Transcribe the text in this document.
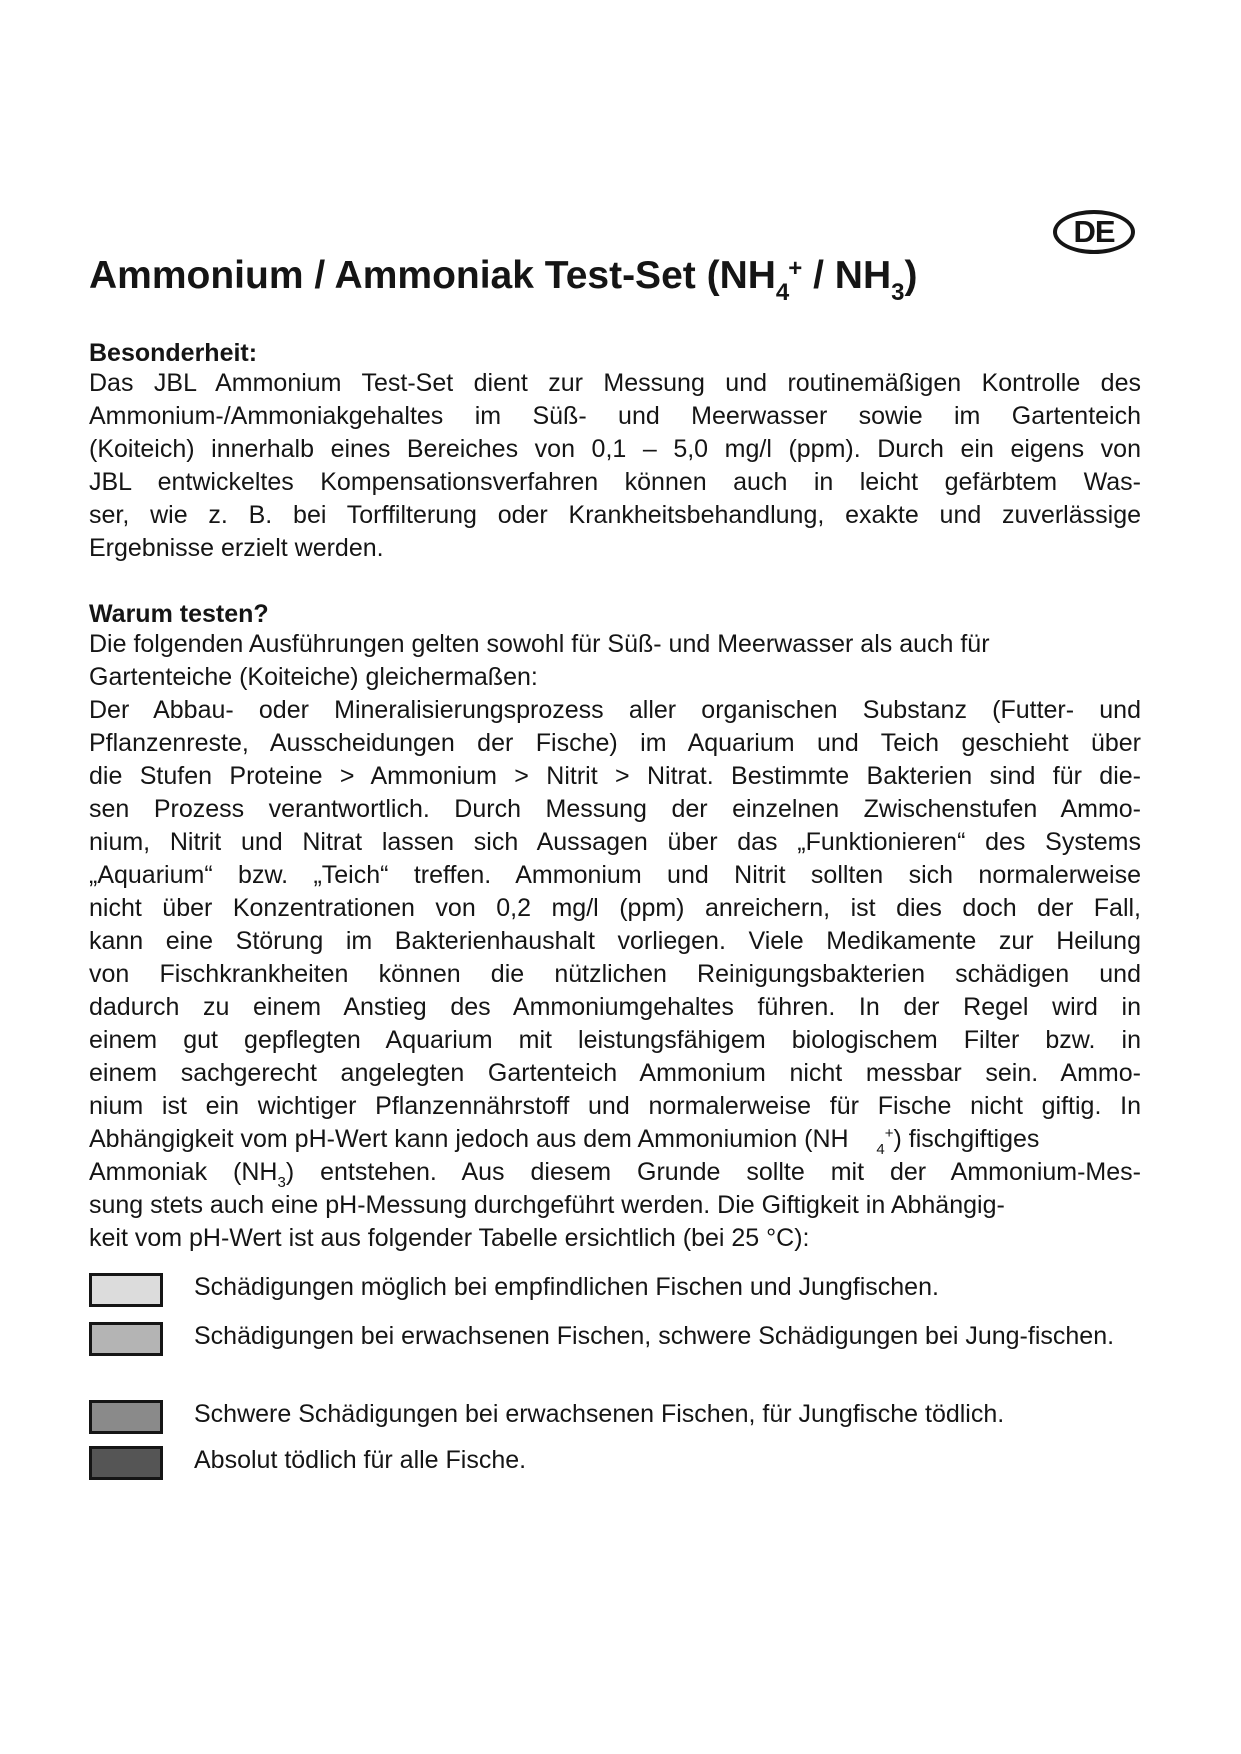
DE
Ammonium / Ammoniak Test-Set $(NH_4^+ / NH_3)$
Besonderheit:
Das JBL Ammonium Test-Set dient zur Messung und routinemäßigen Kontrolle des
Ammonium-/Ammoniakgehaltes im Süß- und Meerwasser sowie im Gartenteich
(Koiteich) innerhalb eines Bereiches von 0,1 – 5,0 mg/l (ppm). Durch ein eigens von
JBL entwickeltes Kompensationsverfahren können auch in leicht gefärbtem Was-
ser, wie z. B. bei Torffilterung oder Krankheitsbehandlung, exakte und zuverlässige
Ergebnisse erzielt werden.
Warum testen?
Die folgenden Ausführungen gelten sowohl für Süß- und Meerwasser als auch für
Gartenteiche (Koiteiche) gleichermaßen:
Der Abbau- oder Mineralisierungsprozess aller organischen Substanz (Futter- und
Pflanzenreste, Ausscheidungen der Fische) im Aquarium und Teich geschieht über
die Stufen Proteine > Ammonium > Nitrit > Nitrat. Bestimmte Bakterien sind für die-
sen Prozess verantwortlich. Durch Messung der einzelnen Zwischenstufen Ammo-
nium, Nitrit und Nitrat lassen sich Aussagen über das „Funktionieren“ des Systems
„Aquarium“ bzw. „Teich“ treffen. Ammonium und Nitrit sollten sich normalerweise
nicht über Konzentrationen von 0,2 mg/l (ppm) anreichern, ist dies doch der Fall,
kann eine Störung im Bakterienhaushalt vorliegen. Viele Medikamente zur Heilung
von Fischkrankheiten können die nützlichen Reinigungsbakterien schädigen und
dadurch zu einem Anstieg des Ammoniumgehaltes führen. In der Regel wird in
einem gut gepflegten Aquarium mit leistungsfähigem biologischem Filter bzw. in
einem sachgerecht angelegten Gartenteich Ammonium nicht messbar sein. Ammo-
nium ist ein wichtiger Pflanzennährstoff und normalerweise für Fische nicht giftig. In
Abhängigkeit vom pH-Wert kann jedoch aus dem Ammoniumion (NH $_4$+) fischgiftiges
Ammoniak $(NH_3)$ entstehen. Aus diesem Grunde sollte mit der Ammonium-Mes-
sung stets auch eine pH-Messung durchgeführt werden. Die Giftigkeit in Abhängig-
keit vom pH-Wert ist aus folgender Tabelle ersichtlich (bei 25 °C):
Schädigungen möglich bei empfindlichen Fischen und Jungfischen.
Schädigungen bei erwachsenen Fischen, schwere Schädigungen bei Jung-fischen.
Schwere Schädigungen bei erwachsenen Fischen, für Jungfische tödlich.
Absolut tödlich für alle Fische.
